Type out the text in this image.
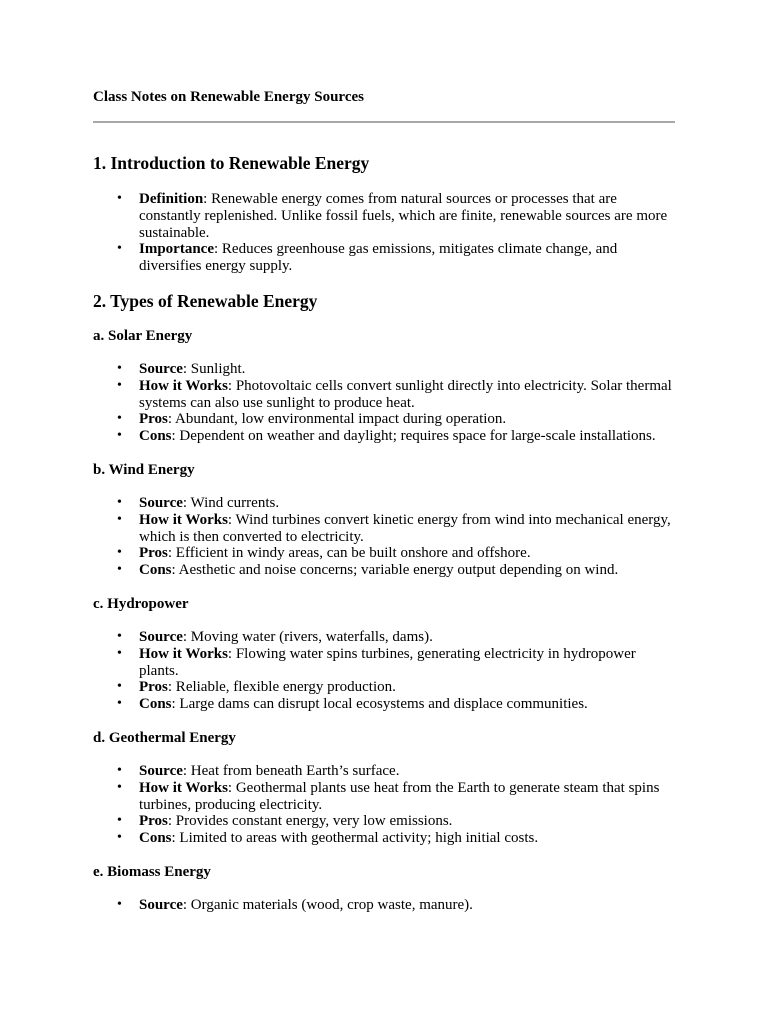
Class Notes on Renewable Energy Sources
1. Introduction to Renewable Energy
• Definition: Renewable energy comes from natural sources or processes that are constantly replenished. Unlike fossil fuels, which are finite, renewable sources are more sustainable.
• Importance: Reduces greenhouse gas emissions, mitigates climate change, and diversifies energy supply.
2. Types of Renewable Energy
a. Solar Energy
• Source: Sunlight.
• How it Works: Photovoltaic cells convert sunlight directly into electricity. Solar thermal systems can also use sunlight to produce heat.
• Pros: Abundant, low environmental impact during operation.
• Cons: Dependent on weather and daylight; requires space for large-scale installations.
b. Wind Energy
• Source: Wind currents.
• How it Works: Wind turbines convert kinetic energy from wind into mechanical energy, which is then converted to electricity.
• Pros: Efficient in windy areas, can be built onshore and offshore.
• Cons: Aesthetic and noise concerns; variable energy output depending on wind.
c. Hydropower
• Source: Moving water (rivers, waterfalls, dams).
• How it Works: Flowing water spins turbines, generating electricity in hydropower plants.
• Pros: Reliable, flexible energy production.
• Cons: Large dams can disrupt local ecosystems and displace communities.
d. Geothermal Energy
• Source: Heat from beneath Earth’s surface.
• How it Works: Geothermal plants use heat from the Earth to generate steam that spins turbines, producing electricity.
• Pros: Provides constant energy, very low emissions.
• Cons: Limited to areas with geothermal activity; high initial costs.
e. Biomass Energy
• Source: Organic materials (wood, crop waste, manure).
